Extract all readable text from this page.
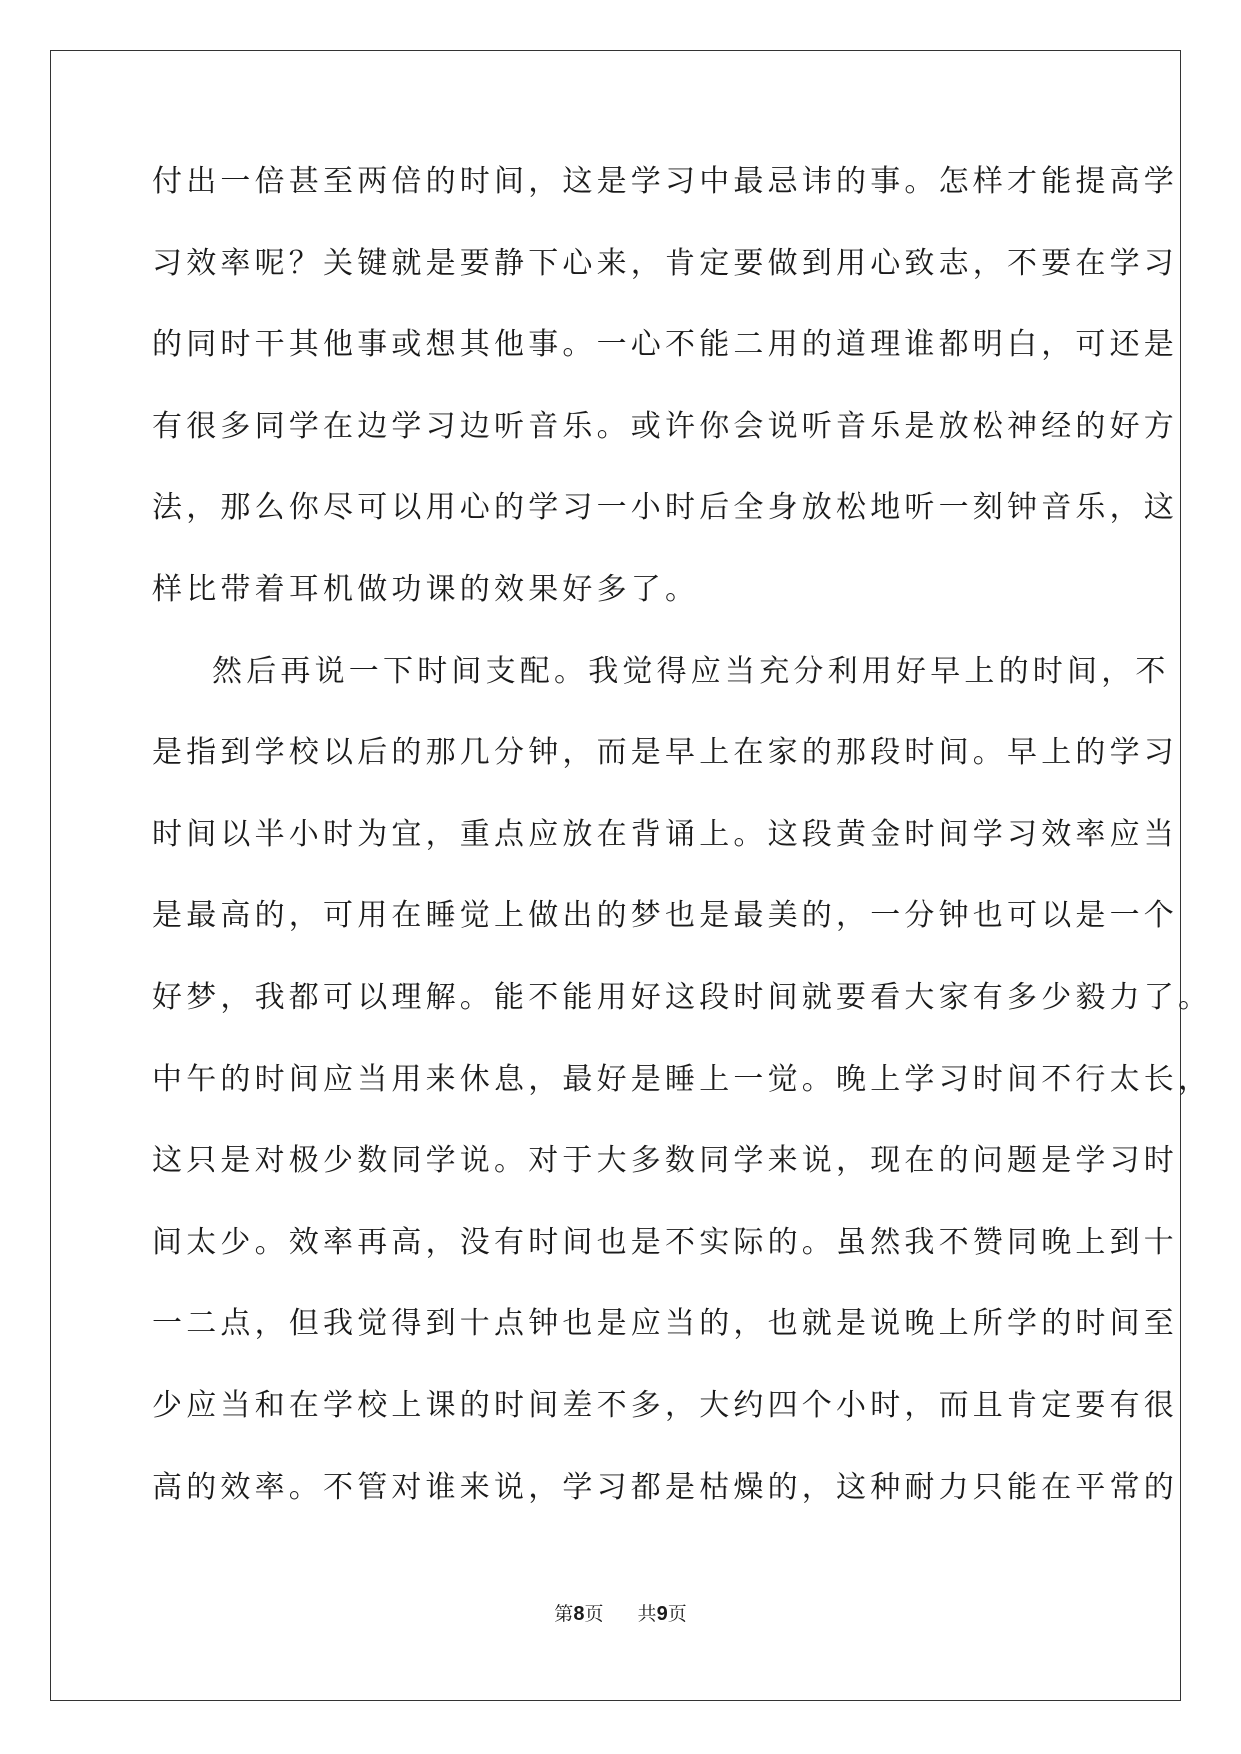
付出一倍甚至两倍的时间，这是学习中最忌讳的事。怎样才能提高学
习效率呢？关键就是要静下心来，肯定要做到用心致志，不要在学习
的同时干其他事或想其他事。一心不能二用的道理谁都明白，可还是
有很多同学在边学习边听音乐。或许你会说听音乐是放松神经的好方
法，那么你尽可以用心的学习一小时后全身放松地听一刻钟音乐，这
样比带着耳机做功课的效果好多了。
然后再说一下时间支配。我觉得应当充分利用好早上的时间，不
是指到学校以后的那几分钟，而是早上在家的那段时间。早上的学习
时间以半小时为宜，重点应放在背诵上。这段黄金时间学习效率应当
是最高的，可用在睡觉上做出的梦也是最美的，一分钟也可以是一个
好梦，我都可以理解。能不能用好这段时间就要看大家有多少毅力了。
中午的时间应当用来休息，最好是睡上一觉。晚上学习时间不行太长，
这只是对极少数同学说。对于大多数同学来说，现在的问题是学习时
间太少。效率再高，没有时间也是不实际的。虽然我不赞同晚上到十
一二点，但我觉得到十点钟也是应当的，也就是说晚上所学的时间至
少应当和在学校上课的时间差不多，大约四个小时，而且肯定要有很
高的效率。不管对谁来说，学习都是枯燥的，这种耐力只能在平常的
第8页 共9页
